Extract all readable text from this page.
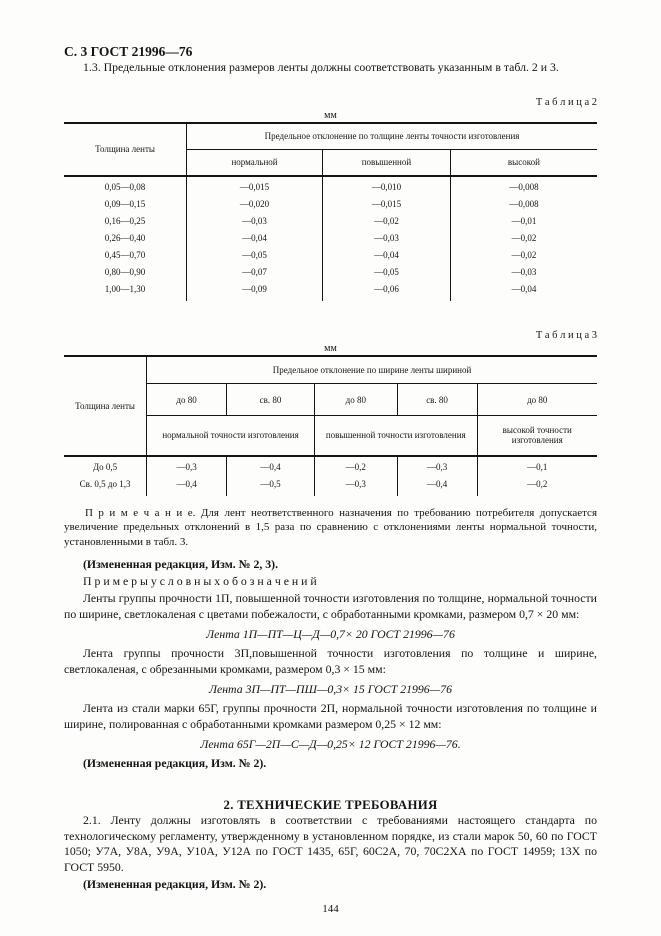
С. 3 ГОСТ 21996—76

1.3. Предельные отклонения размеров ленты должны соответствовать указанным в табл. 2 и 3.

Т а б л и ц а 2

мм

Толщина ленты	Предельное отклонение по толщине ленты точности изготовления		
	нормальной	повышенной	высокой
0,05—0,08	—0,015	—0,010	—0,008
0,09—0,15	—0,020	—0,015	—0,008
0,16—0,25	—0,03	—0,02	—0,01
0,26—0,40	—0,04	—0,03	—0,02
0,45—0,70	—0,05	—0,04	—0,02
0,80—0,90	—0,07	—0,05	—0,03
1,00—1,30	—0,09	—0,06	—0,04

Т а б л и ц а 3

мм

Толщина ленты	Предельное отклонение по ширине ленты шириной				
	до 80	св. 80	до 80	св. 80	до 80
	нормальной точности изготовления		повышенной точности изготовления		высокой точности изготовления
До 0,5	—0,3	—0,4	—0,2	—0,3	—0,1
Св. 0,5 до 1,3	—0,4	—0,5	—0,3	—0,4	—0,2

П р и м е ч а н и е. Для лент неответственного назначения по требованию потребителя допускается увеличение предельных отклонений в 1,5 раза по сравнению с отклонениями ленты нормальной точности, установленными в табл. 3.

(Измененная редакция, Изм. № 2, 3).

П р и м е р ы у с л о в н ы х о б о з н а ч е н и й

Ленты группы прочности 1П, повышенной точности изготовления по толщине, нормальной точности по ширине, светлокаленая с цветами побежалости, с обработанными кромками, размером 0,7 × 20 мм:

Лента 1П—ПТ—Ц—Д—0,7× 20 ГОСТ 21996—76

Лента группы прочности 3П,повышенной точности изготовления по толщине и ширине, светлокаленая, с обрезанными кромками, размером 0,3 × 15 мм:

Лента 3П—ПТ—ПШ—0,3× 15 ГОСТ 21996—76

Лента из стали марки 65Г, группы прочности 2П, нормальной точности изготовления по толщине и ширине, полированная с обработанными кромками размером 0,25 × 12 мм:

Лента 65Г—2П—С—Д—0,25× 12 ГОСТ 21996—76.

(Измененная редакция, Изм. № 2).

2. ТЕХНИЧЕСКИЕ ТРЕБОВАНИЯ

2.1. Ленту должны изготовлять в соответствии с требованиями настоящего стандарта по технологическому регламенту, утвержденному в установленном порядке, из стали марок 50, 60 по ГОСТ 1050; У7А, У8А, У9А, У10А, У12А по ГОСТ 1435, 65Г, 60С2А, 70, 70С2ХА по ГОСТ 14959; 13Х по ГОСТ 5950.

(Измененная редакция, Изм. № 2).

144
